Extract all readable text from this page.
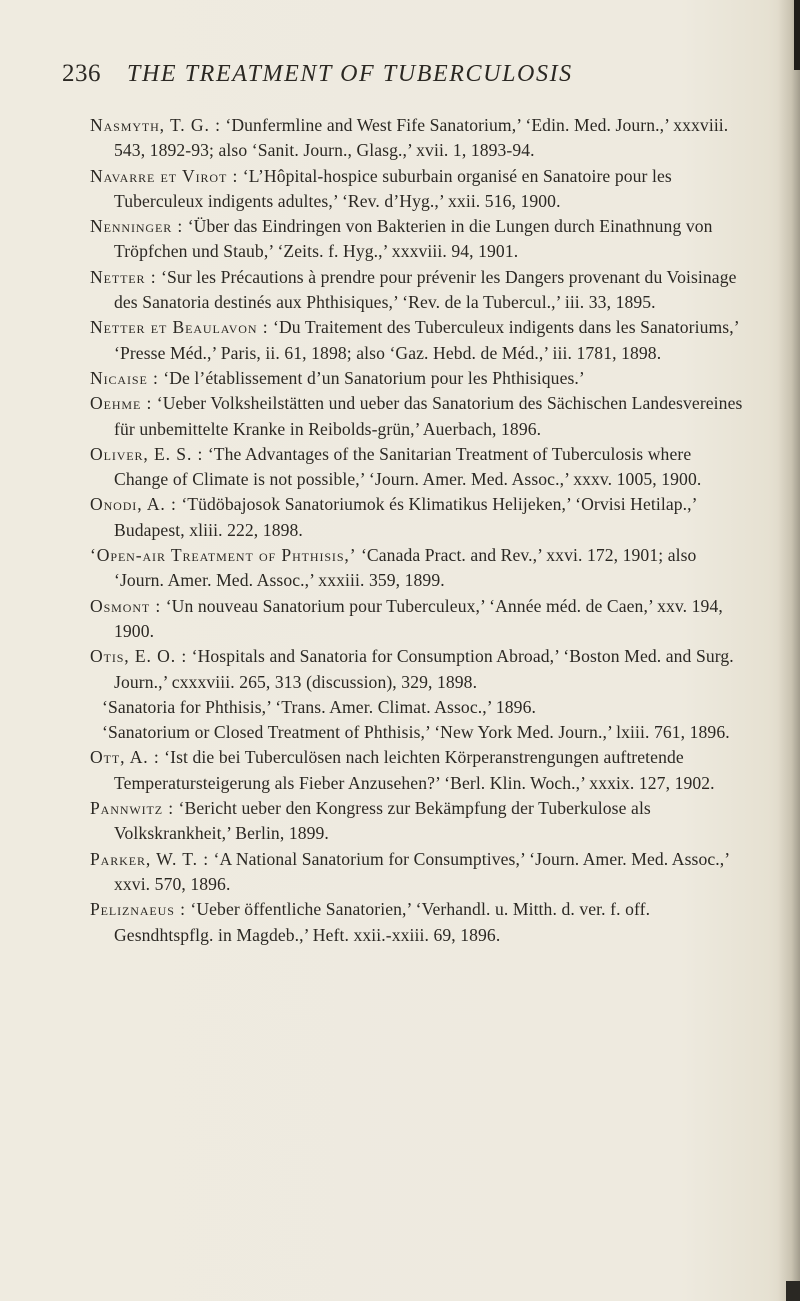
236 THE TREATMENT OF TUBERCULOSIS
Nasmyth, T. G. : ‘Dunfermline and West Fife Sanatorium,’ ‘Edin. Med. Journ.,’ xxxviii. 543, 1892-93; also ‘Sanit. Journ., Glasg.,’ xvii. 1, 1893-94.
Navarre et Virot : ‘L’Hôpital-hospice suburbain organisé en Sanatoire pour les Tuberculeux indigents adultes,’ ‘Rev. d’Hyg.,’ xxii. 516, 1900.
Nenninger : ‘Über das Eindringen von Bakterien in die Lungen durch Einathnung von Tröpfchen und Staub,’ ‘Zeits. f. Hyg.,’ xxxviii. 94, 1901.
Netter : ‘Sur les Précautions à prendre pour prévenir les Dangers provenant du Voisinage des Sanatoria destinés aux Phthisiques,’ ‘Rev. de la Tubercul.,’ iii. 33, 1895.
Netter et Beaulavon : ‘Du Traitement des Tuberculeux indigents dans les Sanatoriums,’ ‘Presse Méd.,’ Paris, ii. 61, 1898; also ‘Gaz. Hebd. de Méd.,’ iii. 1781, 1898.
Nicaise : ‘De l’établissement d’un Sanatorium pour les Phthisiques.’
Oehme : ‘Ueber Volksheilstätten und ueber das Sanatorium des Sächischen Landesvereines für unbemittelte Kranke in Reibolds-grün,’ Auerbach, 1896.
Oliver, E. S. : ‘The Advantages of the Sanitarian Treatment of Tuberculosis where Change of Climate is not possible,’ ‘Journ. Amer. Med. Assoc.,’ xxxv. 1005, 1900.
Onodi, A. : ‘Tüdöbajosok Sanatoriumok és Klimatikus Helijeken,’ ‘Orvisi Hetilap.,’ Budapest, xliii. 222, 1898.
‘Open-air Treatment of Phthisis,’ ‘Canada Pract. and Rev.,’ xxvi. 172, 1901; also ‘Journ. Amer. Med. Assoc.,’ xxxiii. 359, 1899.
Osmont : ‘Un nouveau Sanatorium pour Tuberculeux,’ ‘Année méd. de Caen,’ xxv. 194, 1900.
Otis, E. O. : ‘Hospitals and Sanatoria for Consumption Abroad,’ ‘Boston Med. and Surg. Journ.,’ cxxxviii. 265, 313 (discussion), 329, 1898.
‘Sanatoria for Phthisis,’ ‘Trans. Amer. Climat. Assoc.,’ 1896.
‘Sanatorium or Closed Treatment of Phthisis,’ ‘New York Med. Journ.,’ lxiii. 761, 1896.
Ott, A. : ‘Ist die bei Tuberculösen nach leichten Körperanstrengungen auftretende Temperatursteigerung als Fieber Anzusehen?’ ‘Berl. Klin. Woch.,’ xxxix. 127, 1902.
Pannwitz : ‘Bericht ueber den Kongress zur Bekämpfung der Tuberkulose als Volkskrankheit,’ Berlin, 1899.
Parker, W. T. : ‘A National Sanatorium for Consumptives,’ ‘Journ. Amer. Med. Assoc.,’ xxvi. 570, 1896.
Peliznaeus : ‘Ueber öffentliche Sanatorien,’ ‘Verhandl. u. Mitth. d. ver. f. off. Gesndhtspflg. in Magdeb.,’ Heft. xxii.-xxiii. 69, 1896.
